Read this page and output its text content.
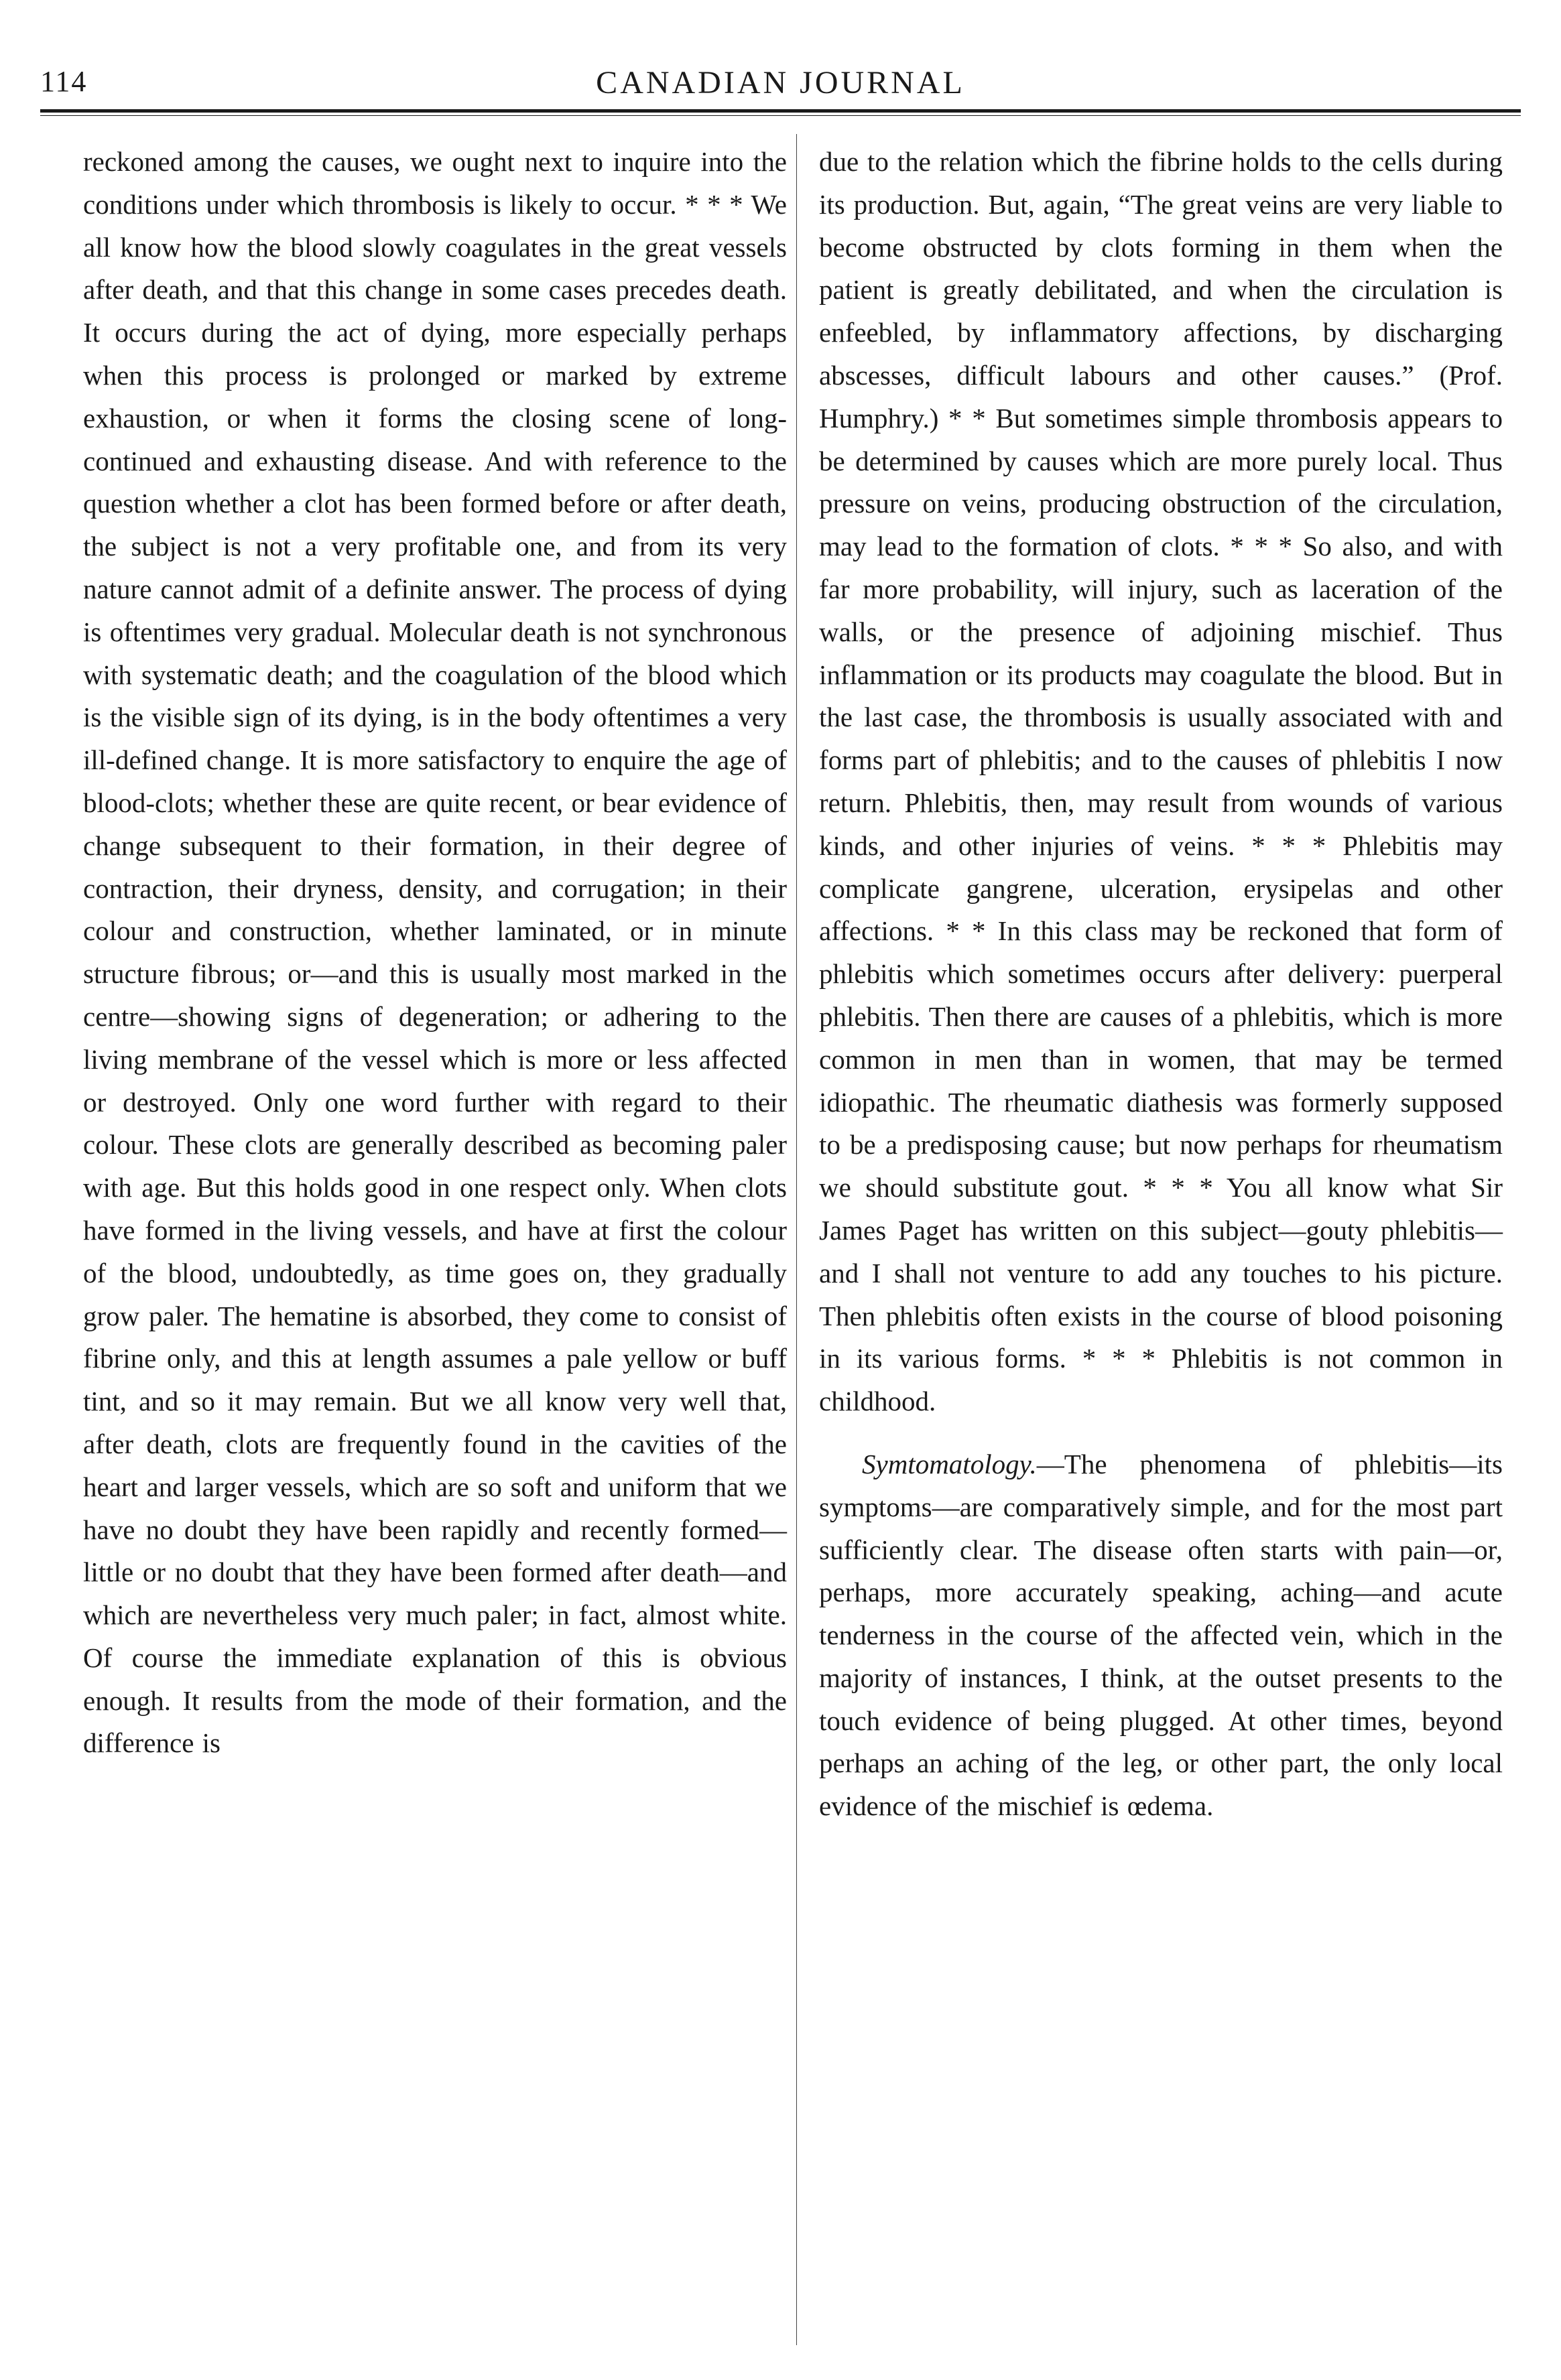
114	CANADIAN JOURNAL

reckoned among the causes, we ought next to inquire into the conditions under which thrombosis is likely to occur. * * * We all know how the blood slowly coagulates in the great vessels after death, and that this change in some cases precedes death. It occurs during the act of dying, more especially perhaps when this process is prolonged or marked by extreme exhaustion, or when it forms the closing scene of long-continued and exhausting disease. And with reference to the question whether a clot has been formed before or after death, the subject is not a very profitable one, and from its very nature cannot admit of a definite answer. The process of dying is oftentimes very gradual. Molecular death is not synchronous with systematic death; and the coagulation of the blood which is the visible sign of its dying, is in the body oftentimes a very ill-defined change. It is more satisfactory to enquire the age of blood-clots; whether these are quite recent, or bear evidence of change subsequent to their formation, in their degree of contraction, their dryness, density, and corrugation; in their colour and construction, whether laminated, or in minute structure fibrous; or—and this is usually most marked in the centre—showing signs of degeneration; or adhering to the living membrane of the vessel which is more or less affected or destroyed. Only one word further with regard to their colour. These clots are generally described as becoming paler with age. But this holds good in one respect only. When clots have formed in the living vessels, and have at first the colour of the blood, undoubtedly, as time goes on, they gradually grow paler. The hematine is absorbed, they come to consist of fibrine only, and this at length assumes a pale yellow or buff tint, and so it may remain. But we all know very well that, after death, clots are frequently found in the cavities of the heart and larger vessels, which are so soft and uniform that we have no doubt they have been rapidly and recently formed—little or no doubt that they have been formed after death—and which are nevertheless very much paler; in fact, almost white. Of course the immediate explanation of this is obvious enough. It results from the mode of their formation, and the difference is

due to the relation which the fibrine holds to the cells during its production. But, again, “The great veins are very liable to become obstructed by clots forming in them when the patient is greatly debilitated, and when the circulation is enfeebled, by inflammatory affections, by discharging abscesses, difficult labours and other causes.” (Prof. Humphry.) * * But sometimes simple thrombosis appears to be determined by causes which are more purely local. Thus pressure on veins, producing obstruction of the circulation, may lead to the formation of clots. * * * So also, and with far more probability, will injury, such as laceration of the walls, or the presence of adjoining mischief. Thus inflammation or its products may coagulate the blood. But in the last case, the thrombosis is usually associated with and forms part of phlebitis; and to the causes of phlebitis I now return. Phlebitis, then, may result from wounds of various kinds, and other injuries of veins. * * * Phlebitis may complicate gangrene, ulceration, erysipelas and other affections. * * In this class may be reckoned that form of phlebitis which sometimes occurs after delivery: puerperal phlebitis. Then there are causes of a phlebitis, which is more common in men than in women, that may be termed idiopathic. The rheumatic diathesis was formerly supposed to be a predisposing cause; but now perhaps for rheumatism we should substitute gout. * * * You all know what Sir James Paget has written on this subject—gouty phlebitis—and I shall not venture to add any touches to his picture. Then phlebitis often exists in the course of blood poisoning in its various forms. * * * Phlebitis is not common in childhood.

Symtomatology.—The phenomena of phlebitis—its symptoms—are comparatively simple, and for the most part sufficiently clear. The disease often starts with pain—or, perhaps, more accurately speaking, aching—and acute tenderness in the course of the affected vein, which in the majority of instances, I think, at the outset presents to the touch evidence of being plugged. At other times, beyond perhaps an aching of the leg, or other part, the only local evidence of the mischief is œdema.
